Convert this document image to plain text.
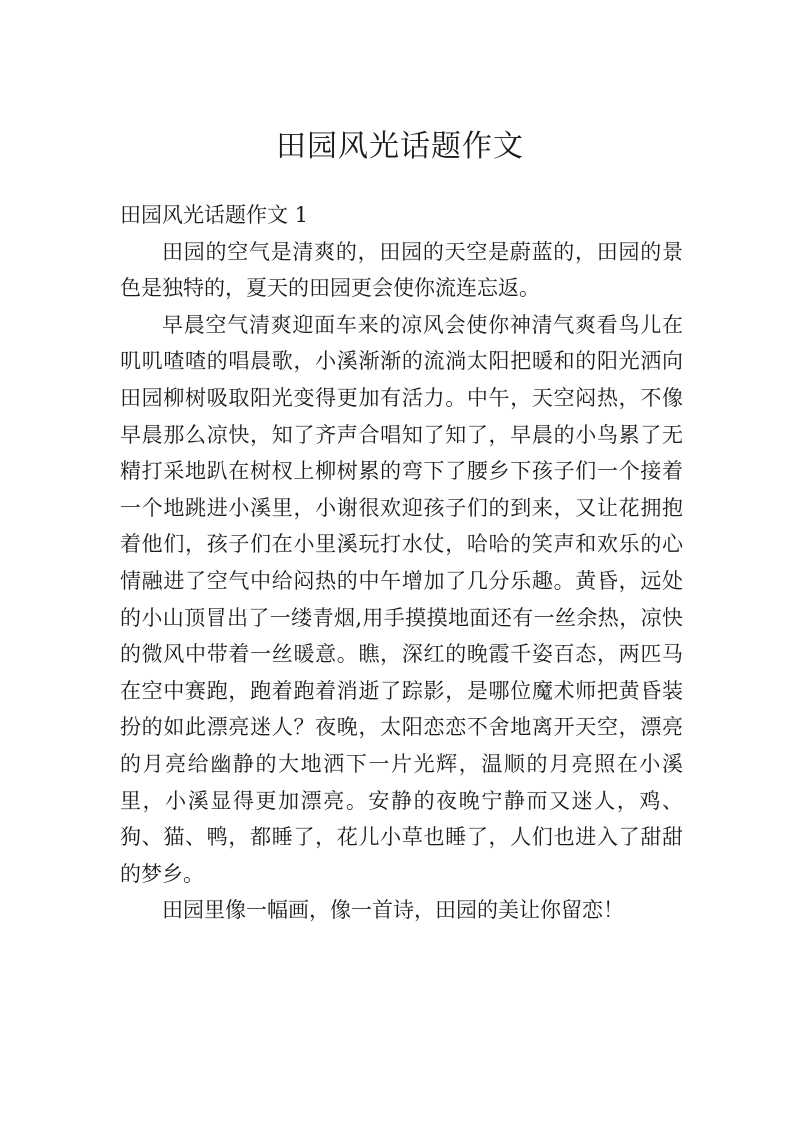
田园风光话题作文

田园风光话题作文 1

田园的空气是清爽的，田园的天空是蔚蓝的，田园的景色是独特的，夏天的田园更会使你流连忘返。

早晨空气清爽迎面车来的凉风会使你神清气爽看鸟儿在叽叽喳喳的唱晨歌，小溪渐渐的流淌太阳把暖和的阳光洒向田园柳树吸取阳光变得更加有活力。中午，天空闷热，不像早晨那么凉快，知了齐声合唱知了知了，早晨的小鸟累了无精打采地趴在树杈上柳树累的弯下了腰乡下孩子们一个接着一个地跳进小溪里，小谢很欢迎孩子们的到来，又让花拥抱着他们，孩子们在小里溪玩打水仗，哈哈的笑声和欢乐的心情融进了空气中给闷热的中午增加了几分乐趣。黄昏，远处的小山顶冒出了一缕青烟,用手摸摸地面还有一丝余热，凉快的微风中带着一丝暖意。瞧，深红的晚霞千姿百态，两匹马在空中赛跑，跑着跑着消逝了踪影，是哪位魔术师把黄昏装扮的如此漂亮迷人？夜晚，太阳恋恋不舍地离开天空，漂亮的月亮给幽静的大地洒下一片光辉，温顺的月亮照在小溪里，小溪显得更加漂亮。安静的夜晚宁静而又迷人，鸡、狗、猫、鸭，都睡了，花儿小草也睡了，人们也进入了甜甜的梦乡。

田园里像一幅画，像一首诗，田园的美让你留恋！
